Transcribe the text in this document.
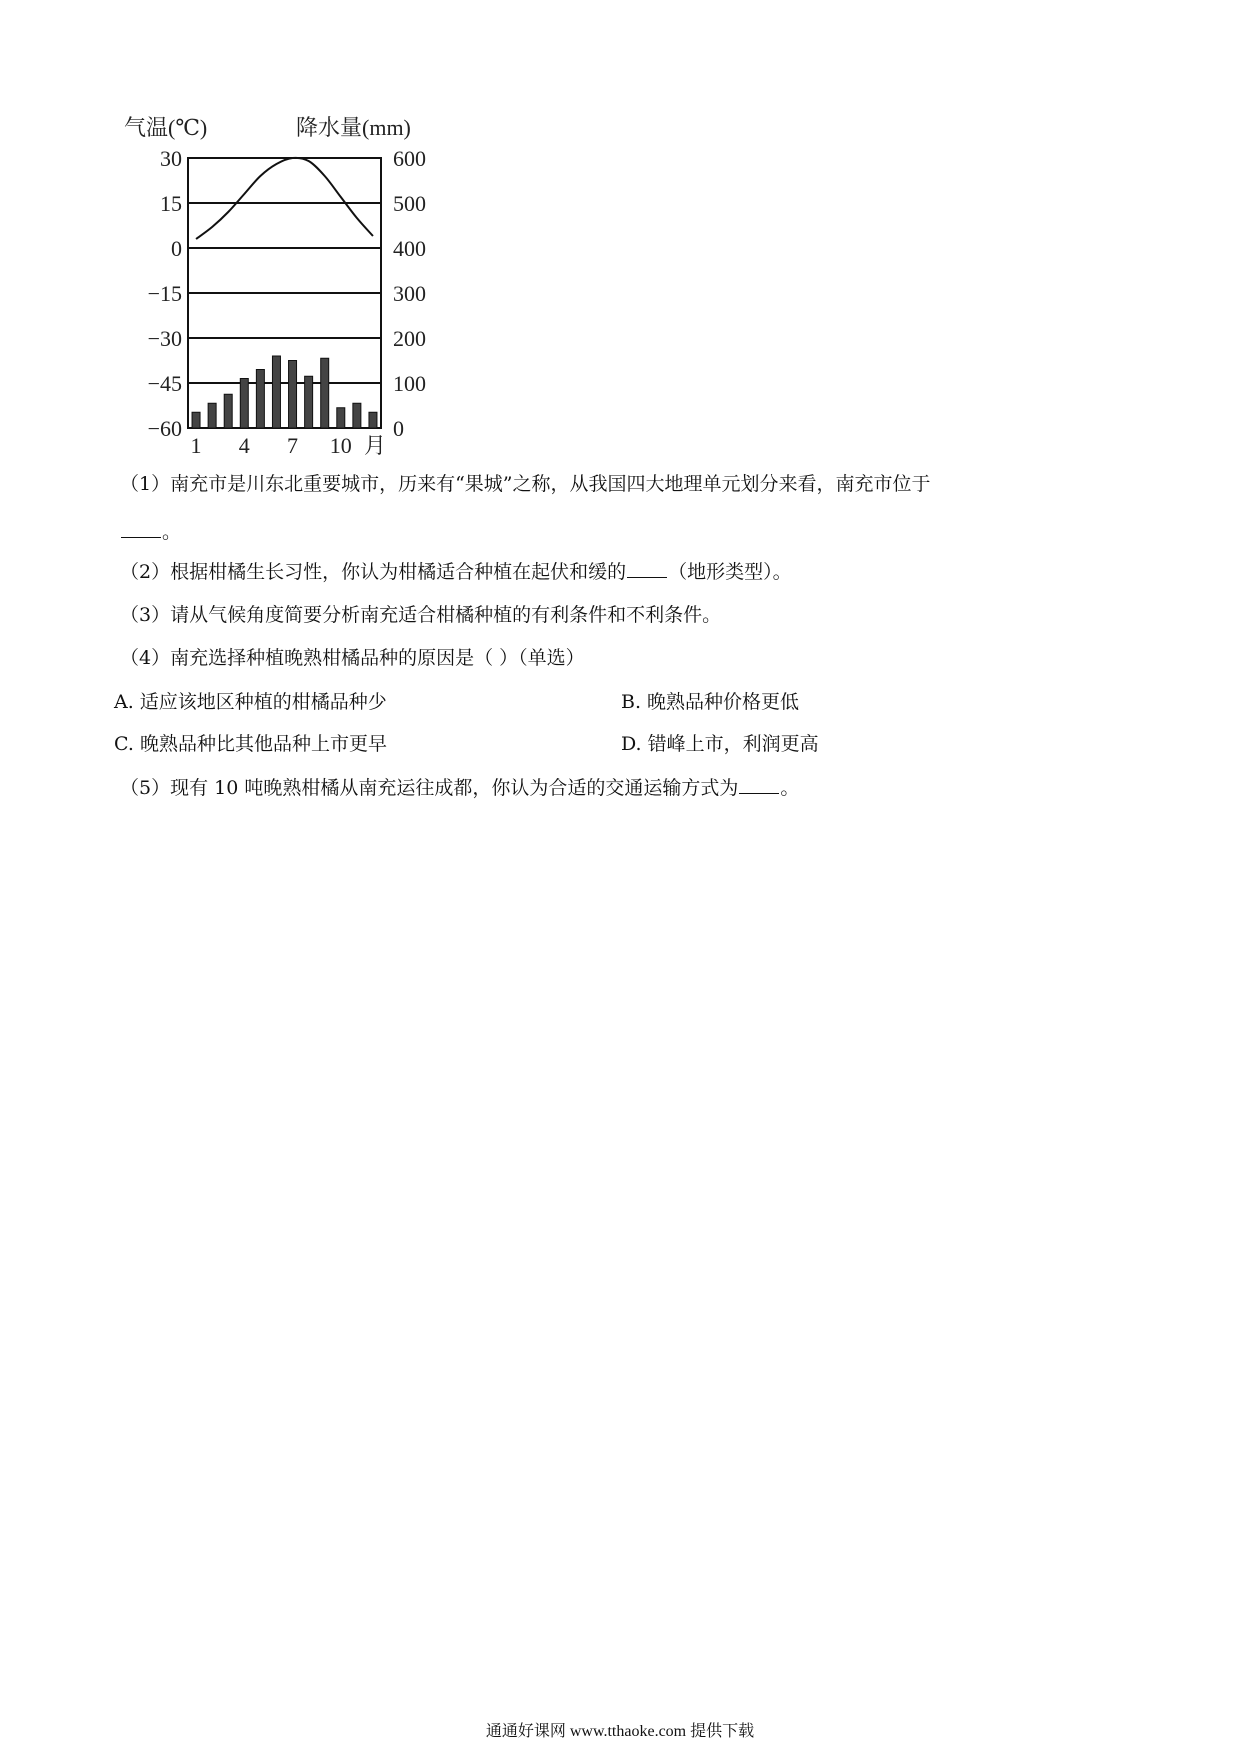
气温(℃)	降水量(mm)
30
15
0
−15
−30
−45
−60
600
500
400
300
200
100
0
1 4 7 10 月
（1）南充市是川东北重要城市，历来有“果城”之称，从我国四大地理单元划分来看，南充市位于
。
（2）根据柑橘生长习性，你认为柑橘适合种植在起伏和缓的 （地形类型）。
（3）请从气候角度简要分析南充适合柑橘种植的有利条件和不利条件。
（4）南充选择种植晚熟柑橘品种的原因是（ ）（单选）
A. 适应该地区种植的柑橘品种少	B. 晚熟品种价格更低
C. 晚熟品种比其他品种上市更早	D. 错峰上市，利润更高
（5）现有 10 吨晚熟柑橘从南充运往成都，你认为合适的交通运输方式为 。
通通好课网 www.tthaoke.com 提供下载
